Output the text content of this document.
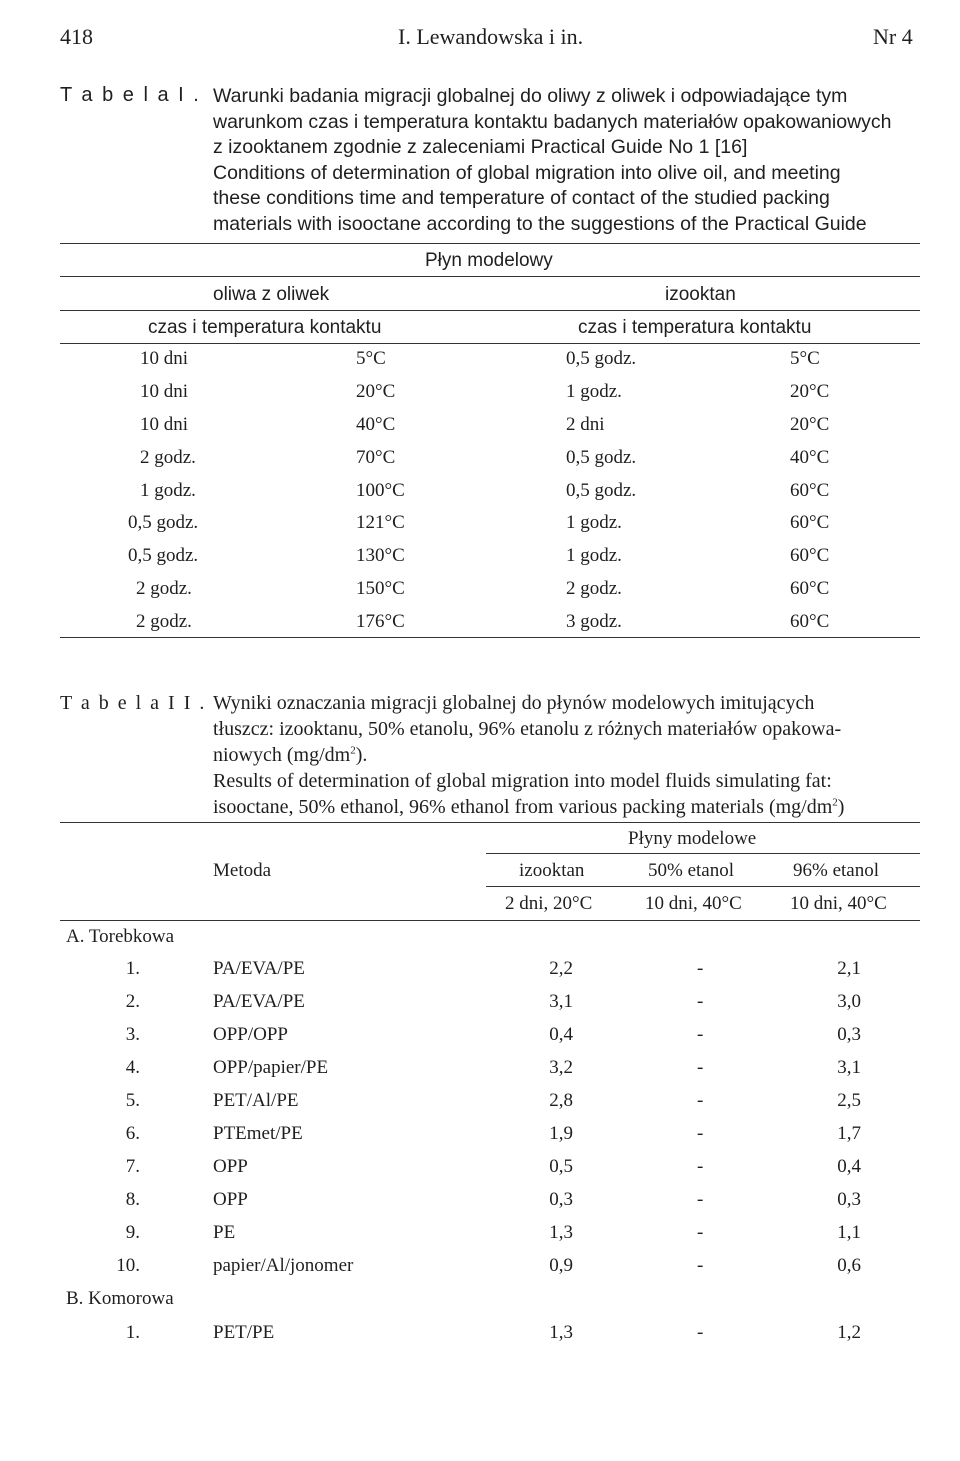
418	I. Lewandowska i in.	Nr 4
T a b e l a I . Warunki badania migracji globalnej do oliwy z oliwek i odpowiadające tym
warunkom czas i temperatura kontaktu badanych materiałów opakowaniowych
z izooktanem zgodnie z zaleceniami Practical Guide No 1 [16]
Conditions of determination of global migration into olive oil, and meeting
these conditions time and temperature of contact of the studied packing
materials with isooctane according to the suggestions of the Practical Guide
Płyn modelowy
oliwa z oliwek	izooktan
czas i temperatura kontaktu	czas i temperatura kontaktu
10 dni	5°C	0,5 godz.	5°C
10 dni	20°C	1 godz.	20°C
10 dni	40°C	2 dni	20°C
2 godz.	70°C	0,5 godz.	40°C
1 godz.	100°C	0,5 godz.	60°C
0,5 godz.	121°C	1 godz.	60°C
0,5 godz.	130°C	1 godz.	60°C
2 godz.	150°C	2 godz.	60°C
2 godz.	176°C	3 godz.	60°C
T a b e l a I I . Wyniki oznaczania migracji globalnej do płynów modelowych imitujących
tłuszcz: izooktanu, 50% etanolu, 96% etanolu z różnych materiałów opakowa-
niowych $(mg/dm^2)$.
Results of determination of global migration into model fluids simulating fat:
isooctane, 50% ethanol, 96% ethanol from various packing materials $(mg/dm^2)$
Płyny modelowe
Metoda	izooktan	50% etanol	96% etanol
2 dni, 20°C	10 dni, 40°C	10 dni, 40°C
A. Torebkowa
1.	PA/EVA/PE	2,2	-	2,1
2.	PA/EVA/PE	3,1	-	3,0
3.	OPP/OPP	0,4	-	0,3
4.	OPP/papier/PE	3,2	-	3,1
5.	PET/Al/PE	2,8	-	2,5
6.	PTEmet/PE	1,9	-	1,7
7.	OPP	0,5	-	0,4
8.	OPP	0,3	-	0,3
9.	PE	1,3	-	1,1
10.	papier/Al/jonomer	0,9	-	0,6
B. Komorowa
1.	PET/PE	1,3	-	1,2
